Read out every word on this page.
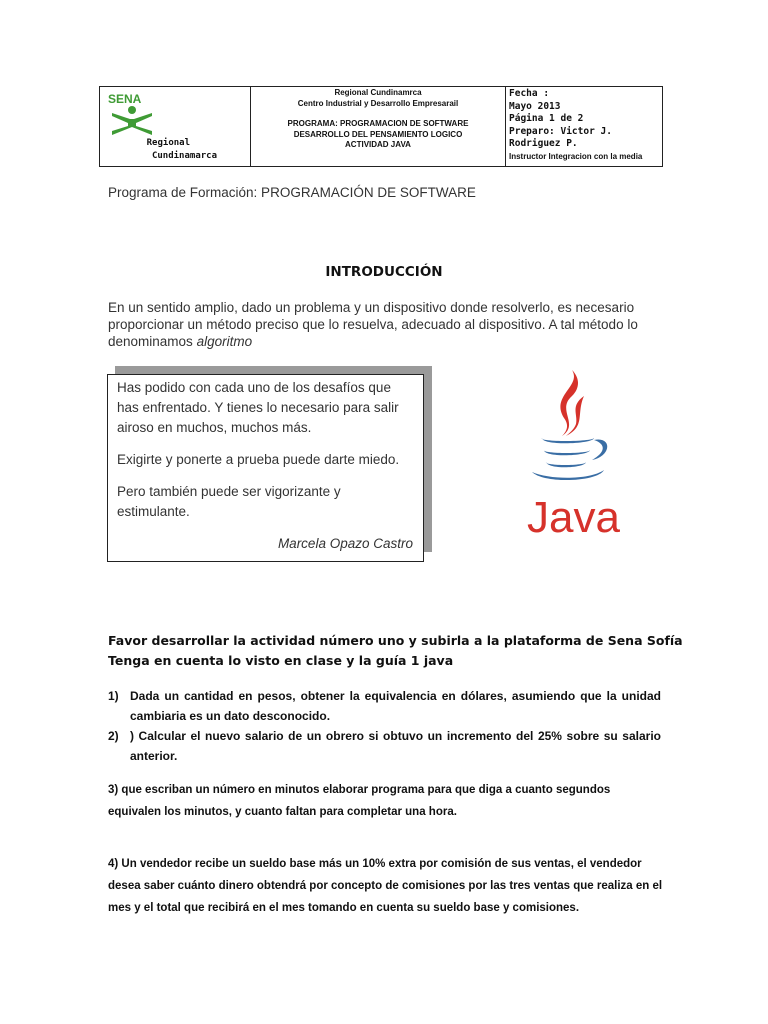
SENA
Regional
Cundinamarca
Regional Cundinamrca
Centro Industrial y Desarrollo Empresarail
PROGRAMA: PROGRAMACION DE SOFTWARE
DESARROLLO DEL PENSAMIENTO LOGICO
ACTIVIDAD JAVA
Fecha :
Mayo 2013
Página 1 de 2
Preparo: Victor J. Rodriguez P.
Instructor Integracion con la media
Programa de Formación: PROGRAMACIÓN DE SOFTWARE
INTRODUCCIÓN
En un sentido amplio, dado un problema y un dispositivo donde resolverlo, es necesario proporcionar un método preciso que lo resuelva, adecuado al dispositivo. A tal método lo denominamos algoritmo

Has podido con cada uno de los desafíos que has enfrentado. Y tienes lo necesario para salir airoso en muchos, muchos más.

Exigirte y ponerte a prueba puede darte miedo.

Pero también puede ser vigorizante y estimulante.

Marcela Opazo Castro
Java
Favor desarrollar la actividad número uno y subirla a la plataforma de Sena Sofía
Tenga en cuenta lo visto en clase y la guía 1 java
1) Dada un cantidad en pesos, obtener la equivalencia en dólares, asumiendo que la unidad cambiaria es un dato desconocido.
2) ) Calcular el nuevo salario de un obrero si obtuvo un incremento del 25% sobre su salario anterior.
3) que escriban un número en minutos elaborar programa para que diga a cuanto segundos equivalen los minutos, y cuanto faltan para completar una hora.
4) Un vendedor recibe un sueldo base más un 10% extra por comisión de sus ventas, el vendedor desea saber cuánto dinero obtendrá por concepto de comisiones por las tres ventas que realiza en el mes y el total que recibirá en el mes tomando en cuenta su sueldo base y comisiones.
